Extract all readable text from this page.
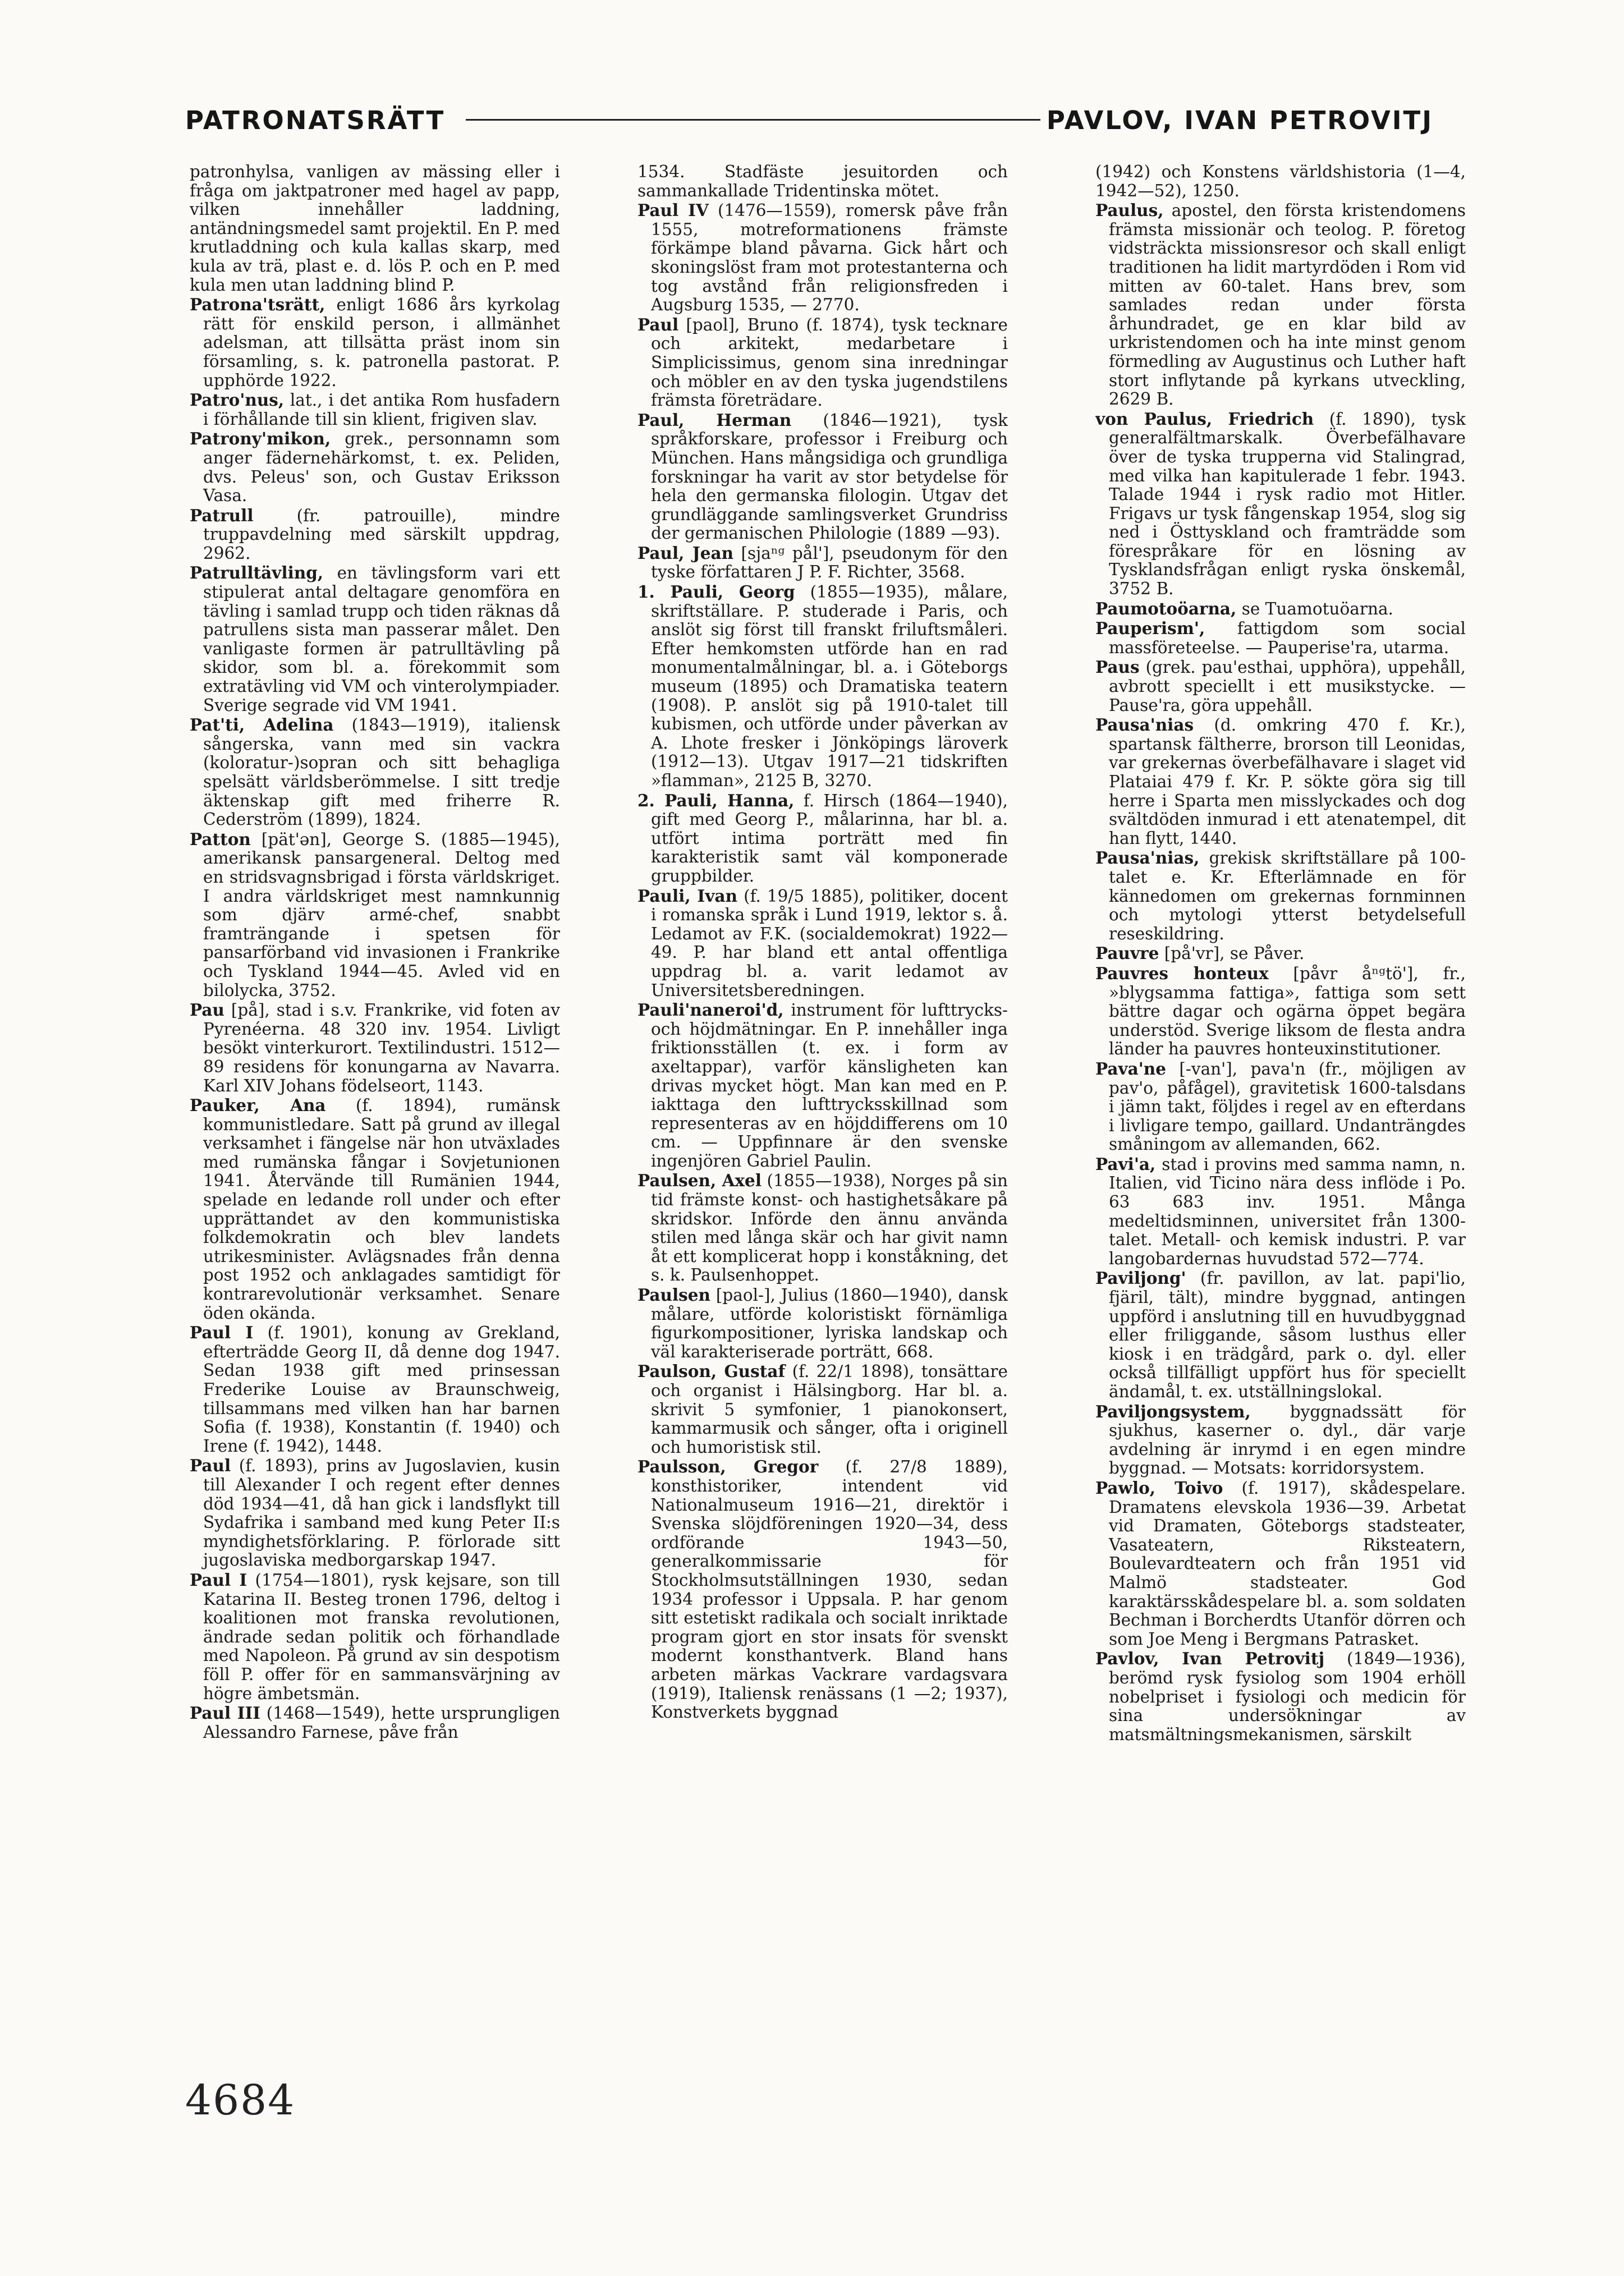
PATRONATSRÄTT	PAVLOV, IVAN PETROVITJ

patronhylsa, vanligen av mässing eller i fråga om jaktpatroner med hagel av papp, vilken innehåller laddning, antändningsmedel samt projektil. En P. med krutladdning och kula kallas skarp, med kula av trä, plast e. d. lös P. och en P. med kula men utan laddning blind P.

Patrona'tsrätt, enligt 1686 års kyrkolag rätt för enskild person, i allmänhet adelsman, att tillsätta präst inom sin församling, s. k. patronella pastorat. P. upphörde 1922.

Patro'nus, lat., i det antika Rom husfadern i förhållande till sin klient, frigiven slav.

Patrony'mikon, grek., personnamn som anger fädernehärkomst, t. ex. Peliden, dvs. Peleus' son, och Gustav Eriksson Vasa.

Patrull (fr. patrouille), mindre truppavdelning med särskilt uppdrag, 2962.

Patrulltävling, en tävlingsform vari ett stipulerat antal deltagare genomföra en tävling i samlad trupp och tiden räknas då patrullens sista man passerar målet. Den vanligaste formen är patrulltävling på skidor, som bl. a. förekommit som extratävling vid VM och vinterolympiader. Sverige segrade vid VM 1941.

Pat'ti, Adelina (1843—1919), italiensk sångerska, vann med sin vackra (koloratur-)sopran och sitt behagliga spelsätt världsberömmelse. I sitt tredje äktenskap gift med friherre R. Cederström (1899), 1824.

Patton [pät'ən], George S. (1885—1945), amerikansk pansargeneral. Deltog med en stridsvagnsbrigad i första världskriget. I andra världskriget mest namnkunnig som djärv armé-chef, snabbt framträngande i spetsen för pansarförband vid invasionen i Frankrike och Tyskland 1944—45. Avled vid en bilolycka, 3752.

Pau [på], stad i s.v. Frankrike, vid foten av Pyrenéerna. 48 320 inv. 1954. Livligt besökt vinterkurort. Textilindustri. 1512—89 residens för konungarna av Navarra. Karl XIV Johans födelseort, 1143.

Pauker, Ana (f. 1894), rumänsk kommunistledare. Satt på grund av illegal verksamhet i fängelse när hon utväxlades med rumänska fångar i Sovjetunionen 1941. Återvände till Rumänien 1944, spelade en ledande roll under och efter upprättandet av den kommunistiska folkdemokratin och blev landets utrikesminister. Avlägsnades från denna post 1952 och anklagades samtidigt för kontrarevolutionär verksamhet. Senare öden okända.

Paul I (f. 1901), konung av Grekland, efterträdde Georg II, då denne dog 1947. Sedan 1938 gift med prinsessan Frederike Louise av Braunschweig, tillsammans med vilken han har barnen Sofia (f. 1938), Konstantin (f. 1940) och Irene (f. 1942), 1448.

Paul (f. 1893), prins av Jugoslavien, kusin till Alexander I och regent efter dennes död 1934—41, då han gick i landsflykt till Sydafrika i samband med kung Peter II:s myndighetsförklaring. P. förlorade sitt jugoslaviska medborgarskap 1947.

Paul I (1754—1801), rysk kejsare, son till Katarina II. Besteg tronen 1796, deltog i koalitionen mot franska revolutionen, ändrade sedan politik och förhandlade med Napoleon. På grund av sin despotism föll P. offer för en sammansvärjning av högre ämbetsmän.

Paul III (1468—1549), hette ursprungligen Alessandro Farnese, påve från

1534. Stadfäste jesuitorden och sammankallade Tridentinska mötet.

Paul IV (1476—1559), romersk påve från 1555, motreformationens främste förkämpe bland påvarna. Gick hårt och skoningslöst fram mot protestanterna och tog avstånd från religionsfreden i Augsburg 1535, — 2770.

Paul [paol], Bruno (f. 1874), tysk tecknare och arkitekt, medarbetare i Simplicissimus, genom sina inredningar och möbler en av den tyska jugendstilens främsta företrädare.

Paul, Herman (1846—1921), tysk språkforskare, professor i Freiburg och München. Hans mångsidiga och grundliga forskningar ha varit av stor betydelse för hela den germanska filologin. Utgav det grundläggande samlingsverket Grundriss der germanischen Philologie (1889 —93).

Paul, Jean [sjaⁿᵍ pål'], pseudonym för den tyske författaren J P. F. Richter, 3568.

1. Pauli, Georg (1855—1935), målare, skriftställare. P. studerade i Paris, och anslöt sig först till franskt friluftsmåleri. Efter hemkomsten utförde han en rad monumentalmålningar, bl. a. i Göteborgs museum (1895) och Dramatiska teatern (1908). P. anslöt sig på 1910-talet till kubismen, och utförde under påverkan av A. Lhote fresker i Jönköpings läroverk (1912—13). Utgav 1917—21 tidskriften »flamman», 2125 B, 3270.

2. Pauli, Hanna, f. Hirsch (1864—1940), gift med Georg P., målarinna, har bl. a. utfört intima porträtt med fin karakteristik samt väl komponerade gruppbilder.

Pauli, Ivan (f. 19/5 1885), politiker, docent i romanska språk i Lund 1919, lektor s. å. Ledamot av F.K. (socialdemokrat) 1922—49. P. har bland ett antal offentliga uppdrag bl. a. varit ledamot av Universitetsberedningen.

Pauli'naneroi'd, instrument för lufttrycks- och höjdmätningar. En P. innehåller inga friktionsställen (t. ex. i form av axeltappar), varför känsligheten kan drivas mycket högt. Man kan med en P. iakttaga den lufttrycksskillnad som representeras av en höjddifferens om 10 cm. — Uppfinnare är den svenske ingenjören Gabriel Paulin.

Paulsen, Axel (1855—1938), Norges på sin tid främste konst- och hastighetsåkare på skridskor. Införde den ännu använda stilen med långa skär och har givit namn åt ett komplicerat hopp i konståkning, det s. k. Paulsenhoppet.

Paulsen [paol-], Julius (1860—1940), dansk målare, utförde koloristiskt förnämliga figurkompositioner, lyriska landskap och väl karakteriserade porträtt, 668.

Paulson, Gustaf (f. 22/1 1898), tonsättare och organist i Hälsingborg. Har bl. a. skrivit 5 symfonier, 1 pianokonsert, kammarmusik och sånger, ofta i originell och humoristisk stil.

Paulsson, Gregor (f. 27/8 1889), konsthistoriker, intendent vid Nationalmuseum 1916—21, direktör i Svenska slöjdföreningen 1920—34, dess ordförande 1943—50, generalkommissarie för Stockholmsutställningen 1930, sedan 1934 professor i Uppsala. P. har genom sitt estetiskt radikala och socialt inriktade program gjort en stor insats för svenskt modernt konsthantverk. Bland hans arbeten märkas Vackrare vardagsvara (1919), Italiensk renässans (1 —2; 1937), Konstverkets byggnad

(1942) och Konstens världshistoria (1—4, 1942—52), 1250.

Paulus, apostel, den första kristendomens främsta missionär och teolog. P. företog vidsträckta missionsresor och skall enligt traditionen ha lidit martyrdöden i Rom vid mitten av 60-talet. Hans brev, som samlades redan under första århundradet, ge en klar bild av urkristendomen och ha inte minst genom förmedling av Augustinus och Luther haft stort inflytande på kyrkans utveckling, 2629 B.

von Paulus, Friedrich (f. 1890), tysk generalfältmarskalk. Överbefälhavare över de tyska trupperna vid Stalingrad, med vilka han kapitulerade 1 febr. 1943. Talade 1944 i rysk radio mot Hitler. Frigavs ur tysk fångenskap 1954, slog sig ned i Östtyskland och framträdde som förespråkare för en lösning av Tysklandsfrågan enligt ryska önskemål, 3752 B.

Paumotoöarna, se Tuamotuöarna.

Pauperism', fattigdom som social massföreteelse. — Pauperise'ra, utarma.

Paus (grek. pau'esthai, upphöra), uppehåll, avbrott speciellt i ett musikstycke. — Pause'ra, göra uppehåll.

Pausa'nias (d. omkring 470 f. Kr.), spartansk fältherre, brorson till Leonidas, var grekernas överbefälhavare i slaget vid Plataiai 479 f. Kr. P. sökte göra sig till herre i Sparta men misslyckades och dog svältdöden inmurad i ett atenatempel, dit han flytt, 1440.

Pausa'nias, grekisk skriftställare på 100-talet e. Kr. Efterlämnade en för kännedomen om grekernas fornminnen och mytologi ytterst betydelsefull reseskildring.

Pauvre [på'vr], se Påver.

Pauvres honteux [påvr åⁿᵍtö'], fr., »blygsamma fattiga», fattiga som sett bättre dagar och ogärna öppet begära understöd. Sverige liksom de flesta andra länder ha pauvres honteuxinstitutioner.

Pava'ne [-van'], pava'n (fr., möjligen av pav'o, påfågel), gravitetisk 1600-talsdans i jämn takt, följdes i regel av en efterdans i livligare tempo, gaillard. Undanträngdes småningom av allemanden, 662.

Pavi'a, stad i provins med samma namn, n. Italien, vid Ticino nära dess inflöde i Po. 63 683 inv. 1951. Många medeltidsminnen, universitet från 1300-talet. Metall- och kemisk industri. P. var langobardernas huvudstad 572—774.

Paviljong' (fr. pavillon, av lat. papi'lio, fjäril, tält), mindre byggnad, antingen uppförd i anslutning till en huvudbyggnad eller friliggande, såsom lusthus eller kiosk i en trädgård, park o. dyl. eller också tillfälligt uppfört hus för speciellt ändamål, t. ex. utställningslokal.

Paviljongsystem, byggnadssätt för sjukhus, kaserner o. dyl., där varje avdelning är inrymd i en egen mindre byggnad. — Motsats: korridorsystem.

Pawlo, Toivo (f. 1917), skådespelare. Dramatens elevskola 1936—39. Arbetat vid Dramaten, Göteborgs stadsteater, Vasateatern, Riksteatern, Boulevardteatern och från 1951 vid Malmö stadsteater. God karaktärsskådespelare bl. a. som soldaten Bechman i Borcherdts Utanför dörren och som Joe Meng i Bergmans Patrasket.

Pavlov, Ivan Petrovitj (1849—1936), berömd rysk fysiolog som 1904 erhöll nobelpriset i fysiologi och medicin för sina undersökningar av matsmältningsmekanismen, särskilt

4684
